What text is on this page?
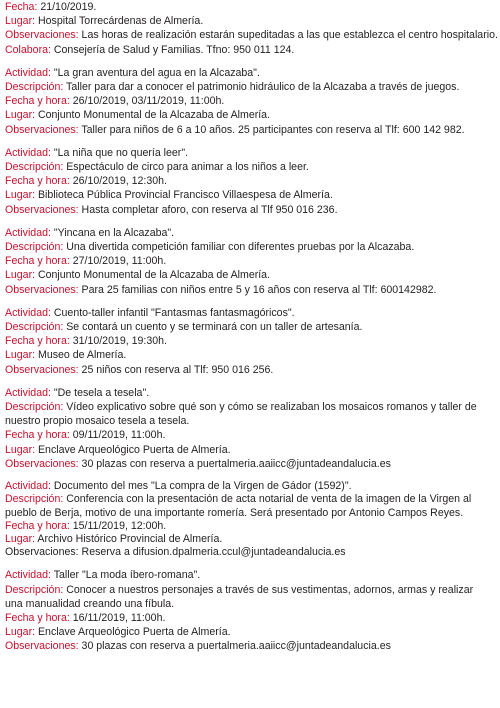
Fecha: 21/10/2019.
Lugar: Hospital Torrecárdenas de Almería.
Observaciones: Las horas de realización estarán supeditadas a las que establezca el centro hospitalario.
Colabora: Consejería de Salud y Familias. Tfno: 950 011 124.
Actividad: "La gran aventura del agua en la Alcazaba".
Descripción: Taller para dar a conocer el patrimonio hidráulico de la Alcazaba a través de juegos.
Fecha y hora: 26/10/2019, 03/11/2019, 11:00h.
Lugar: Conjunto Monumental de la Alcazaba de Almería.
Observaciones: Taller para niños de 6 a 10 años. 25 participantes con reserva al Tlf: 600 142 982.
Actividad: "La niña que no quería leer".
Descripción: Espectáculo de circo para animar a los niños a leer.
Fecha y hora: 26/10/2019, 12:30h.
Lugar: Biblioteca Pública Provincial Francisco Villaespesa de Almería.
Observaciones: Hasta completar aforo, con reserva al Tlf 950 016 236.
Actividad: "Yincana en la Alcazaba".
Descripción: Una divertida competición familiar con diferentes pruebas por la Alcazaba.
Fecha y hora: 27/10/2019, 11:00h.
Lugar: Conjunto Monumental de la Alcazaba de Almería.
Observaciones: Para 25 familias con niños entre 5 y 16 años con reserva al Tlf: 600142982.
Actividad: Cuento-taller infantil "Fantasmas fantasmagóricos".
Descripción: Se contará un cuento y se terminará con un taller de artesanía.
Fecha y hora: 31/10/2019, 19:30h.
Lugar: Museo de Almería.
Observaciones: 25 niños con reserva al Tlf: 950 016 256.
Actividad: "De tesela a tesela".
Descripción: Vídeo explicativo sobre qué son y cómo se realizaban los mosaicos romanos y taller de nuestro propio mosaico tesela a tesela.
Fecha y hora: 09/11/2019, 11:00h.
Lugar: Enclave Arqueológico Puerta de Almería.
Observaciones: 30 plazas con reserva a puertalmeria.aaiicc@juntadeandalucia.es
Actividad: Documento del mes "La compra de la Virgen de Gádor (1592)".
Descripción: Conferencia con la presentación de acta notarial de venta de la imagen de la Virgen al pueblo de Berja, motivo de una importante romería. Será presentado por Antonio Campos Reyes.
Fecha y hora: 15/11/2019, 12:00h.
Lugar: Archivo Histórico Provincial de Almería.
Observaciones: Reserva a difusion.dpalmeria.ccul@juntadeandalucia.es
Actividad: Taller "La moda íbero-romana".
Descripción: Conocer a nuestros personajes a través de sus vestimentas, adornos, armas y realizar una manualidad creando una fíbula.
Fecha y hora: 16/11/2019, 11:00h.
Lugar: Enclave Arqueológico Puerta de Almería.
Observaciones: 30 plazas con reserva a puertalmeria.aaiicc@juntadeandalucia.es
